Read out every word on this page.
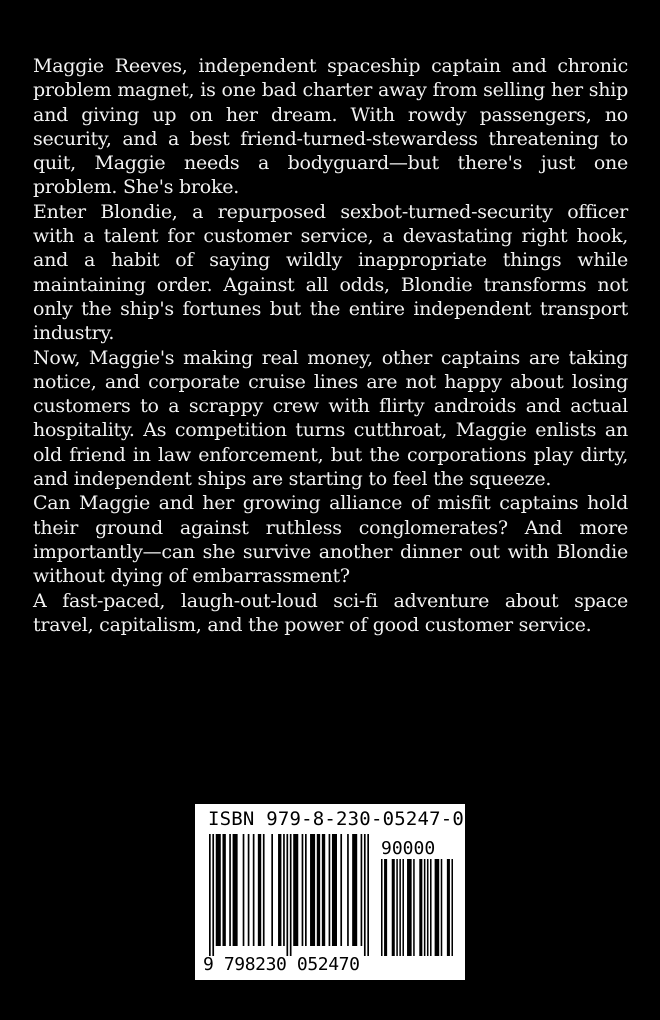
Maggie Reeves, independent spaceship captain and chronic problem magnet, is one bad charter away from selling her ship and giving up on her dream. With rowdy passengers, no security, and a best friend-turned-stewardess threatening to quit, Maggie needs a bodyguard—but there's just one problem. She's broke.

Enter Blondie, a repurposed sexbot-turned-security officer with a talent for customer service, a devastating right hook, and a habit of saying wildly inappropriate things while maintaining order. Against all odds, Blondie transforms not only the ship's fortunes but the entire independent transport industry.

Now, Maggie's making real money, other captains are taking notice, and corporate cruise lines are not happy about losing customers to a scrappy crew with flirty androids and actual hospitality. As competition turns cutthroat, Maggie enlists an old friend in law enforcement, but the corporations play dirty, and independent ships are starting to feel the squeeze.

Can Maggie and her growing alliance of misfit captains hold their ground against ruthless conglomerates? And more importantly—can she survive another dinner out with Blondie without dying of embarrassment?

A fast-paced, laugh-out-loud sci-fi adventure about space travel, capitalism, and the power of good customer service.

ISBN 979-8-230-05247-0
90000
9 798230 052470
